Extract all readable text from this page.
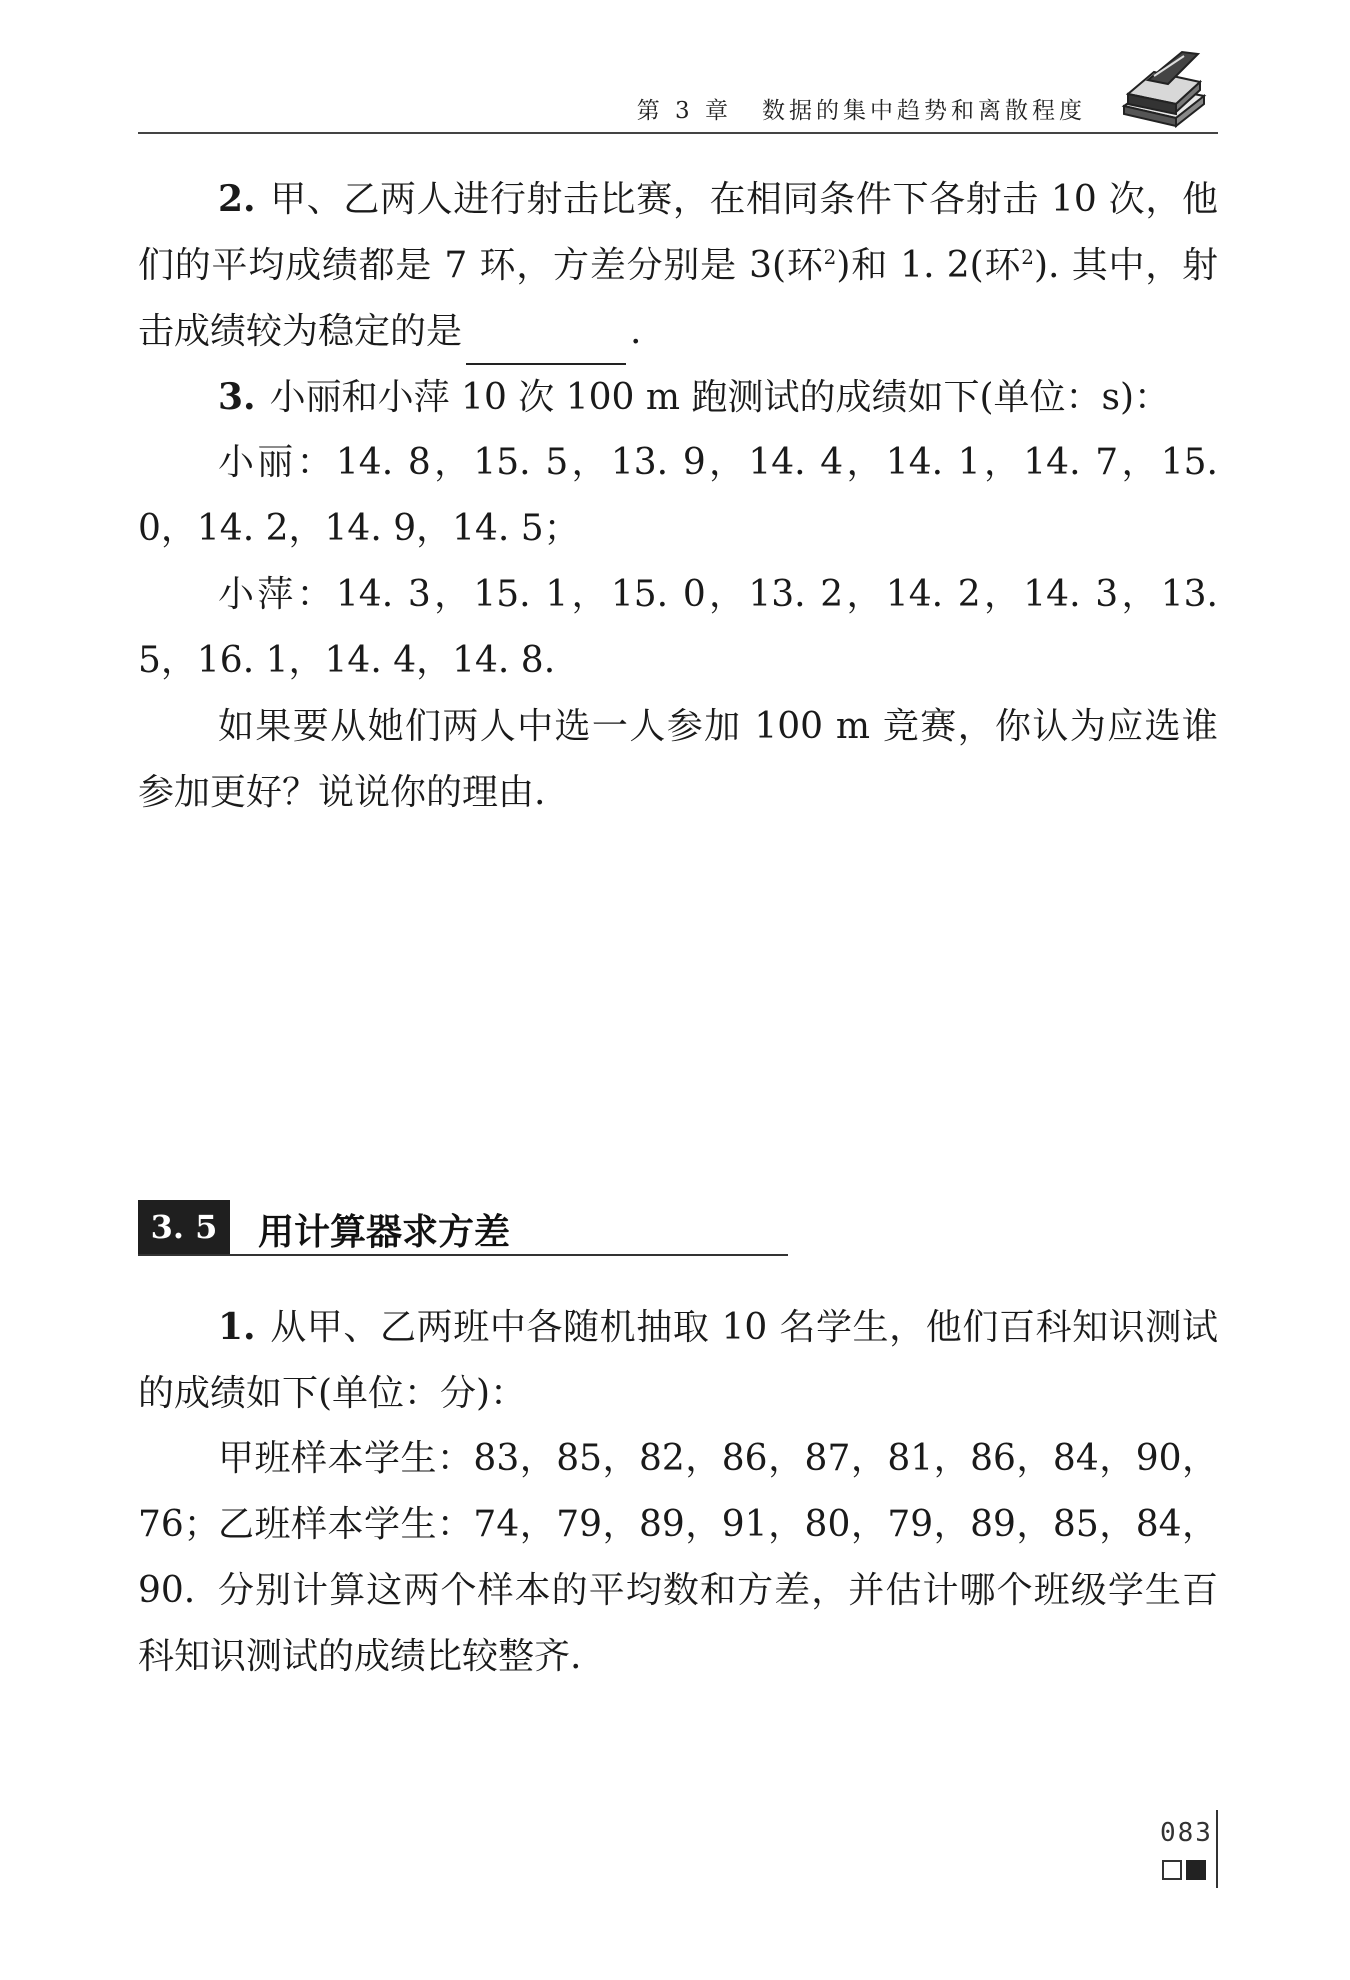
第 3 章 数据的集中趋势和离散程度

2. 甲、乙两人进行射击比赛，在相同条件下各射击 10 次，他们的平均成绩都是 7 环，方差分别是 3(环$^2$)和 1. 2(环$^2$). 其中，射击成绩较为稳定的是	.

3. 小丽和小萍 10 次 100 m 跑测试的成绩如下(单位：s)：

小丽：14. 8，15. 5，13. 9，14. 4，14. 1，14. 7，15. 0，14. 2，14. 9，14. 5；

小萍：14. 3，15. 1，15. 0，13. 2，14. 2，14. 3，13. 5，16. 1，14. 4，14. 8.

如果要从她们两人中选一人参加 100 m 竞赛，你认为应选谁参加更好？说说你的理由.

3. 5	用计算器求方差

1. 从甲、乙两班中各随机抽取 10 名学生，他们百科知识测试的成绩如下(单位：分)：

甲班样本学生：83，85，82，86，87，81，86，84，90，76；

乙班样本学生：74，79，89，91，80，79，89，85，84，90. 分别计算这两个样本的平均数和方差，并估计哪个班级学生百科知识测试的成绩比较整齐.

083
